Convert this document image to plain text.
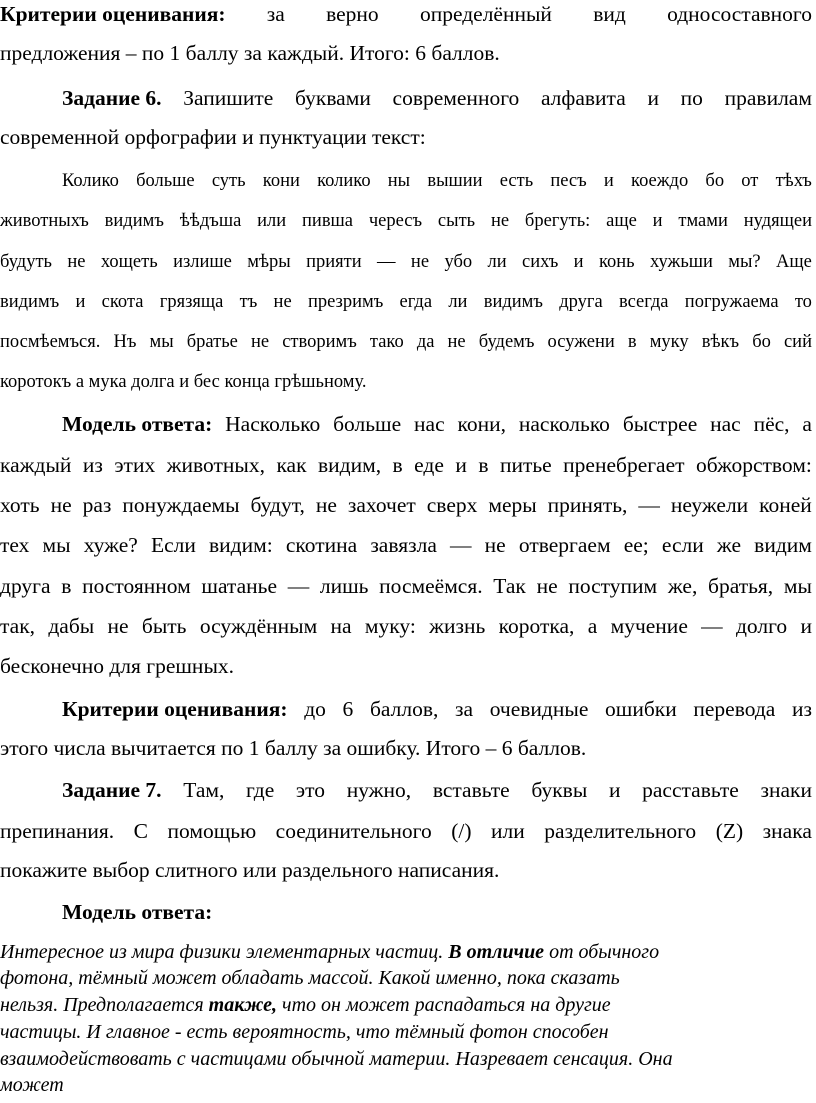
Критерии оценивания: за верно определённый вид односоставного
предложения – по 1 баллу за каждый. Итого: 6 баллов.
Задание 6. Запишите буквами современного алфавита и по правилам
современной орфографии и пунктуации текст:
Колико больше суть кони колико ны вышии есть песъ и коеждо бо от тѣхъ
животныхъ видимъ ѣѣдъша или пивша чересъ сыть не брегуть: аще и тмами нудящеи
будуть не хощеть излише мѣры прияти — не убо ли сихъ и конь хужьши мы? Аще
видимъ и скота грязяща тъ не презримъ егда ли видимъ друга всегда погружаема то
посмѣемъся. Нъ мы братье не створимъ тако да не будемъ осужени в муку вѣкъ бо сий
коротокъ а мука долга и бес конца грѣшьному.
Модель ответа: Насколько больше нас кони, насколько быстрее нас пёс, а
каждый из этих животных, как видим, в еде и в питье пренебрегает обжорством:
хоть не раз понуждаемы будут, не захочет сверх меры принять, — неужели коней
тех мы хуже? Если видим: скотина завязла — не отвергаем ее; если же видим
друга в постоянном шатанье — лишь посмеёмся. Так не поступим же, братья, мы
так, дабы не быть осуждённым на муку: жизнь коротка, а мучение — долго и
бесконечно для грешных.
Критерии оценивания: до 6 баллов, за очевидные ошибки перевода из
этого числа вычитается по 1 баллу за ошибку. Итого – 6 баллов.
Задание 7. Там, где это нужно, вставьте буквы и расставьте знаки
препинания. С помощью соединительного (/) или разделительного (Z) знака
покажите выбор слитного или раздельного написания.
Модель ответа:
Интересное из мира физики элементарных частиц. В отличие от обычного
фотона, тёмный может обладать массой. Какой именно, пока сказать
нельзя. Предполагается также, что он может распадаться на другие
частицы. И главное - есть вероятность, что тёмный фотон способен
взаимодействовать с частицами обычной материи. Назревает сенсация. Она
может
